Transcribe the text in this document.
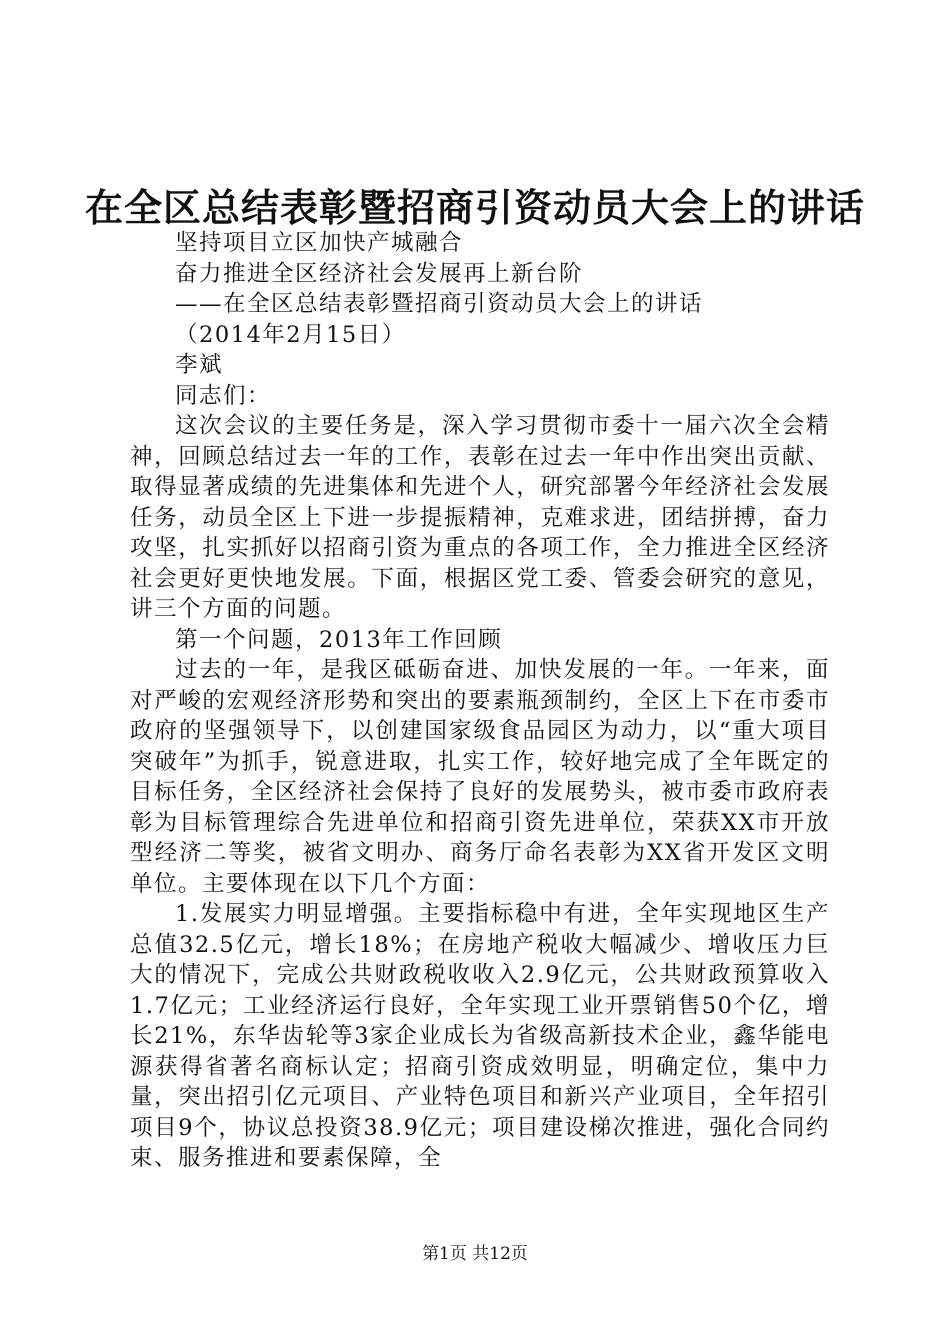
在全区总结表彰暨招商引资动员大会上的讲话

坚持项目立区加快产城融合

奋力推进全区经济社会发展再上新台阶

——在全区总结表彰暨招商引资动员大会上的讲话

（2014年2月15日）

李斌

同志们：

这次会议的主要任务是，深入学习贯彻市委十一届六次全会精神，回顾总结过去一年的工作，表彰在过去一年中作出突出贡献、取得显著成绩的先进集体和先进个人，研究部署今年经济社会发展任务，动员全区上下进一步提振精神，克难求进，团结拼搏，奋力攻坚，扎实抓好以招商引资为重点的各项工作，全力推进全区经济社会更好更快地发展。下面，根据区党工委、管委会研究的意见，讲三个方面的问题。

第一个问题，2013年工作回顾

过去的一年，是我区砥砺奋进、加快发展的一年。一年来，面对严峻的宏观经济形势和突出的要素瓶颈制约，全区上下在市委市政府的坚强领导下，以创建国家级食品园区为动力，以“重大项目突破年”为抓手，锐意进取，扎实工作，较好地完成了全年既定的目标任务，全区经济社会保持了良好的发展势头，被市委市政府表彰为目标管理综合先进单位和招商引资先进单位，荣获XX市开放型经济二等奖，被省文明办、商务厅命名表彰为XX省开发区文明单位。主要体现在以下几个方面：

1.发展实力明显增强。主要指标稳中有进，全年实现地区生产总值32.5亿元，增长18%；在房地产税收大幅减少、增收压力巨大的情况下，完成公共财政税收收入2.9亿元，公共财政预算收入1.7亿元；工业经济运行良好，全年实现工业开票销售50个亿，增长21%，东华齿轮等3家企业成长为省级高新技术企业，鑫华能电源获得省著名商标认定；招商引资成效明显，明确定位，集中力量，突出招引亿元项目、产业特色项目和新兴产业项目，全年招引项目9个，协议总投资38.9亿元；项目建设梯次推进，强化合同约束、服务推进和要素保障，全

第1页 共12页
